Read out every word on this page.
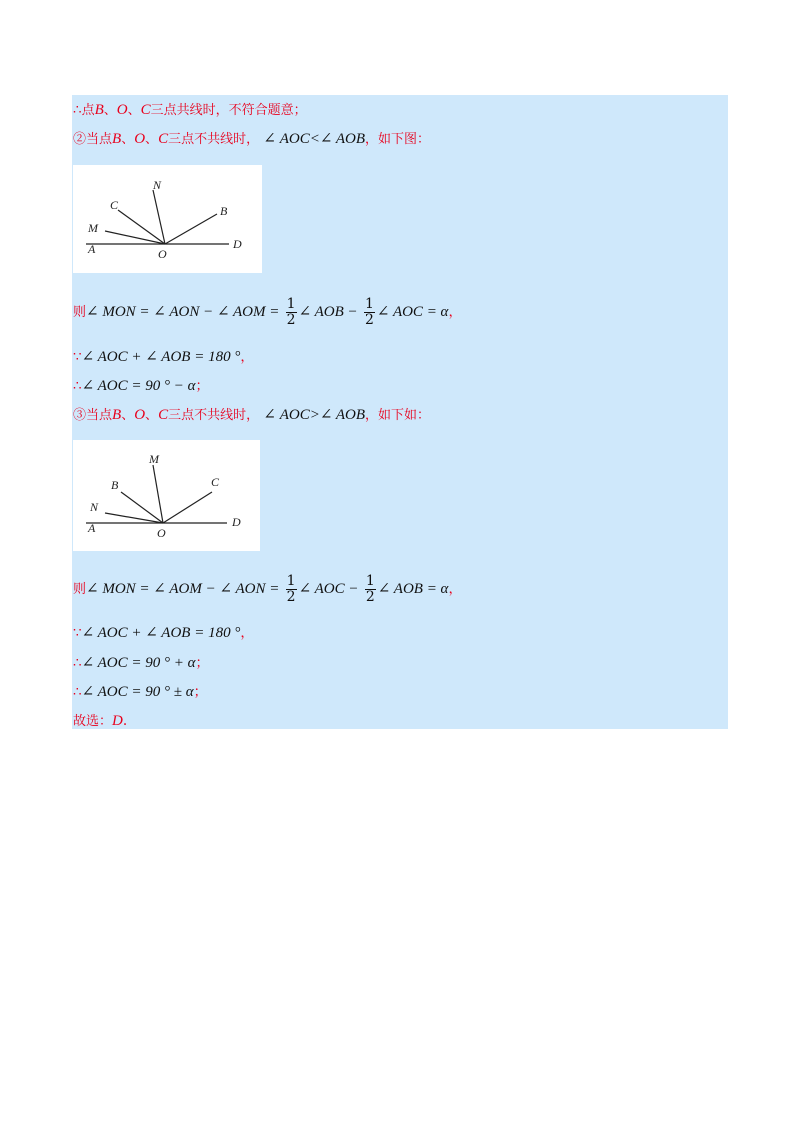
∴点B、O、C三点共线时，不符合题意；
②当点B、O、C三点不共线时， ∠ AOC<∠ AOB，如下图：
C
N
B
M
A	O
D
则∠ MON = ∠ AON − ∠ AOM = $\frac{1}{2}$ ∠ AOB − $\frac{1}{2}$ ∠ AOC = α，
∵∠ AOC + ∠ AOB = 180 °，
∴∠ AOC = 90 ° − α；
③当点B、O、C三点不共线时， ∠ AOC>∠ AOB，如下如：
M
B	C
N
A	O
D
则∠ MON = ∠ AOM − ∠ AON = $\frac{1}{2}$ ∠ AOC − $\frac{1}{2}$ ∠ AOB = α，
∵∠ AOC + ∠ AOB = 180 °，
∴∠ AOC = 90 ° + α；
∴∠ AOC = 90 ° ± α；
故选：D.
